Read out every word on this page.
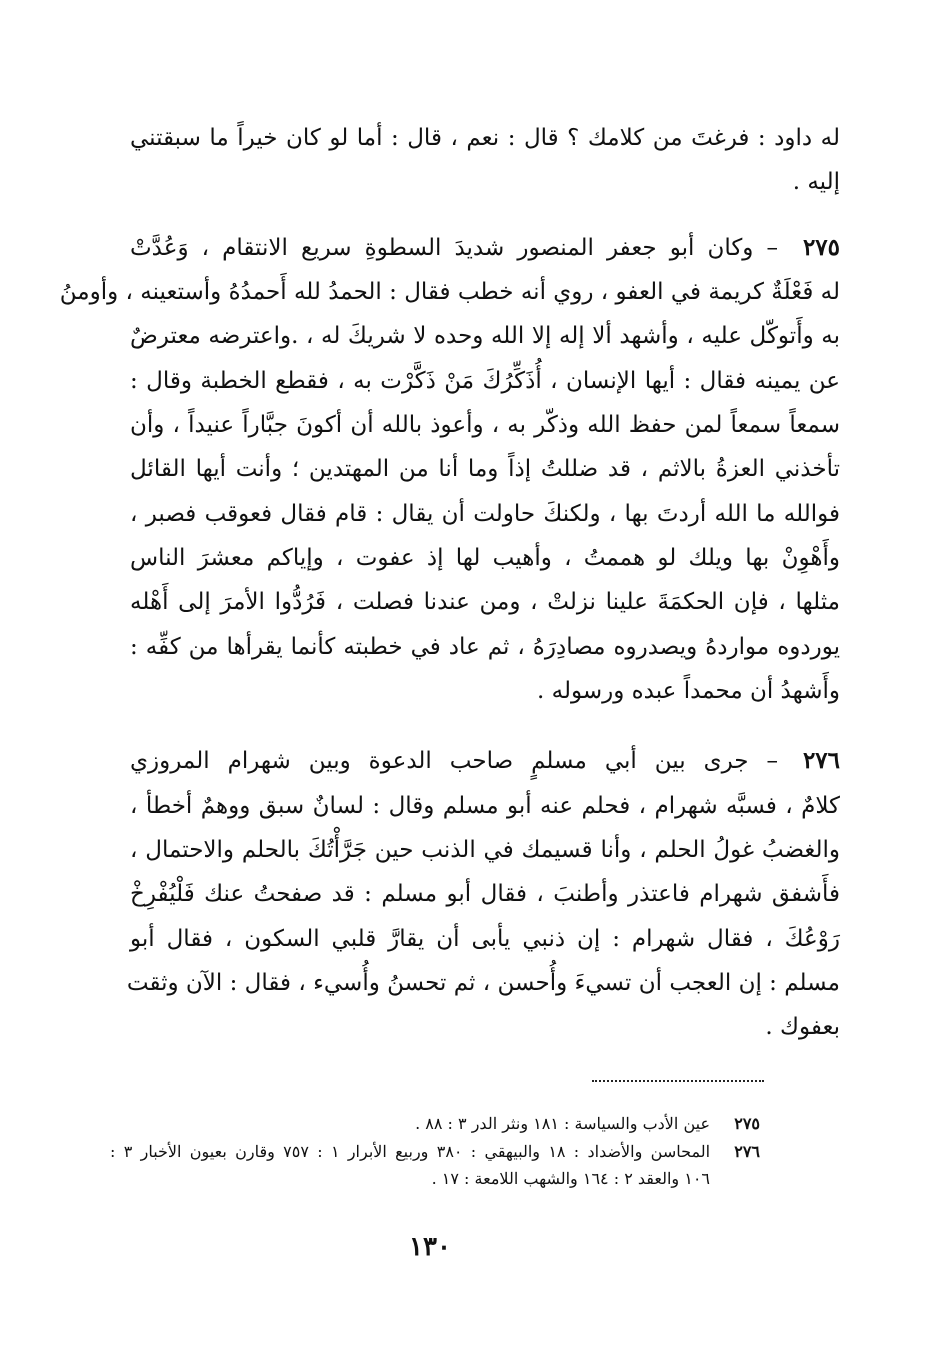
له داود : فرغتَ من كلامك ؟ قال : نعم ، قال : أما لو كان خيراً ما سبقتني
إليه .
٢٧٥
– وكان أبو جعفر المنصور شديدَ السطوةِ سريع الانتقام ، وَعُدَّتْ
له فَعْلَةٌ كريمة في العفو ، روي أنه خطب فقال : الحمدُ لله أَحمدُهُ وأستعينه ، وأومنُ
به وأَتوكّل عليه ، وأشهد ألا إله إلا الله وحده لا شريكَ له ، .واعترضه معترضٌ
عن يمينه فقال : أيها الإنسان ، أُذَكِّرُكَ مَنْ ذَكَّرْت به ، فقطع الخطبة وقال :
سمعاً سمعاً لمن حفظ الله وذكّر به ، وأعوذ بالله أن أكونَ جبَّاراً عنيداً ، وأن
تأخذني العزةُ بالاثم ، قد ضللتُ إذاً وما أنا من المهتدين ؛ وأنت أيها القائل
فوالله ما الله أردتَ بها ، ولكنكَ حاولت أن يقال : قام فقال فعوقب فصبر ،
وأَهْوِنْ بها ويلك لو هممتُ ، وأهيب لها إذ عفوت ، وإياكم معشرَ الناس
مثلها ، فإن الحكمَةَ علينا نزلتْ ، ومن عندنا فصلت ، فَرُدُّوا الأمرَ إلى أَهْله
يوردوه مواردهُ ويصدروه مصادِرَهُ ، ثم عاد في خطبته كأنما يقرأها من كفِّه :
وأَشهدُ أن محمداً عبده ورسوله .
٢٧٦
– جرى بين أبي مسلمٍ صاحب الدعوة وبين شهرام المروزي
كلامٌ ، فسبَّه شهرام ، فحلم عنه أبو مسلم وقال : لسانٌ سبق ووهمٌ أخطأ ،
والغضبُ غولُ الحلم ، وأنا قسيمك في الذنب حين جَرَّأْتُكَ بالحلم والاحتمال ،
فأَشفق شهرام فاعتذر وأطنبَ ، فقال أبو مسلم : قد صفحتُ عنك فَلْيُفْرِخْ
رَوْعُكَ ، فقال شهرام : إن ذنبي يأبى أن يقارَّ قلبي السكون ، فقال أبو
مسلم : إن العجب أن تسيءَ وأُحسن ، ثم تحسنُ وأُسيء ، فقال : الآن وثقت
بعفوك .
٢٧٥
عين الأدب والسياسة : ١٨١ ونثر الدر ٣ : ٨٨ .
٢٧٦
المحاسن والأضداد : ١٨ والبيهقي : ٣٨٠ وربيع الأبرار ١ : ٧٥٧ وقارن بعيون الأخبار ٣ :
١٠٦ والعقد ٢ : ١٦٤ والشهب اللامعة : ١٧ .
١٣٠
